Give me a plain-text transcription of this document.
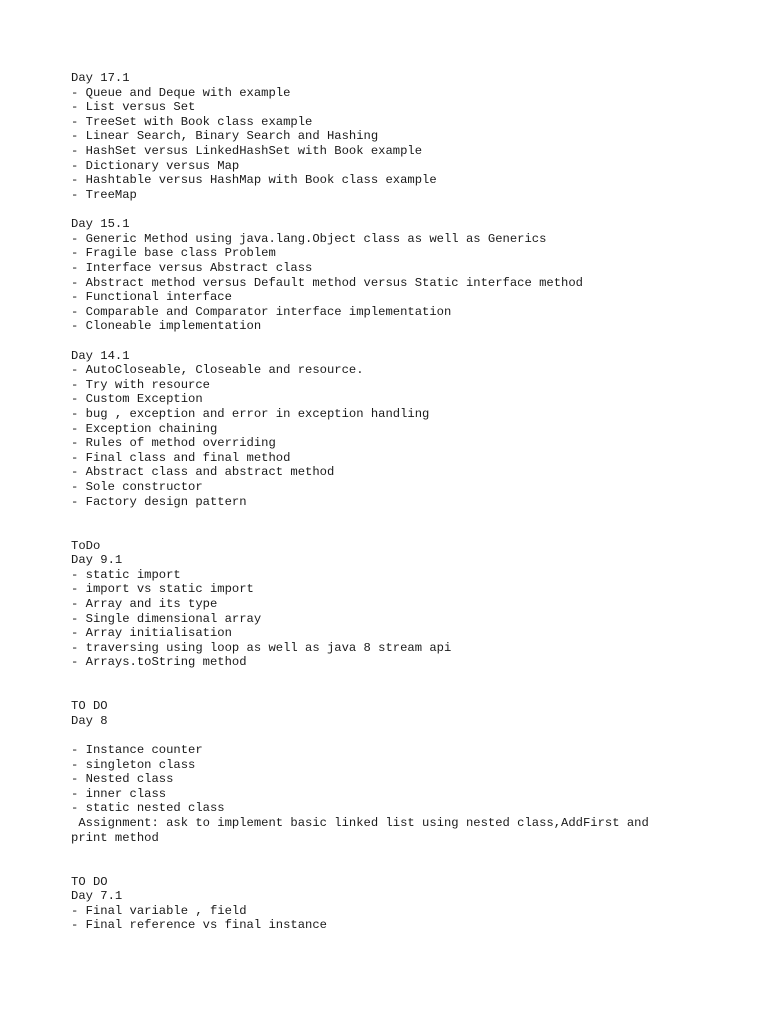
Day 17.1
- Queue and Deque with example
- List versus Set
- TreeSet with Book class example
- Linear Search, Binary Search and Hashing
- HashSet versus LinkedHashSet with Book example
- Dictionary versus Map
- Hashtable versus HashMap with Book class example
- TreeMap
Day 15.1
- Generic Method using java.lang.Object class as well as Generics
- Fragile base class Problem
- Interface versus Abstract class
- Abstract method versus Default method versus Static interface method
- Functional interface
- Comparable and Comparator interface implementation
- Cloneable implementation
Day 14.1
- AutoCloseable, Closeable and resource.
- Try with resource
- Custom Exception
- bug , exception and error in exception handling
- Exception chaining
- Rules of method overriding
- Final class and final method
- Abstract class and abstract method
- Sole constructor
- Factory design pattern
ToDo
Day 9.1
- static import
- import vs static import
- Array and its type
- Single dimensional array
- Array initialisation
- traversing using loop as well as java 8 stream api
- Arrays.toString method
TO DO
Day 8
- Instance counter
- singleton class
- Nested class
- inner class
- static nested class
Assignment: ask to implement basic linked list using nested class,AddFirst and
print method
TO DO
Day 7.1
- Final variable , field
- Final reference vs final instance
